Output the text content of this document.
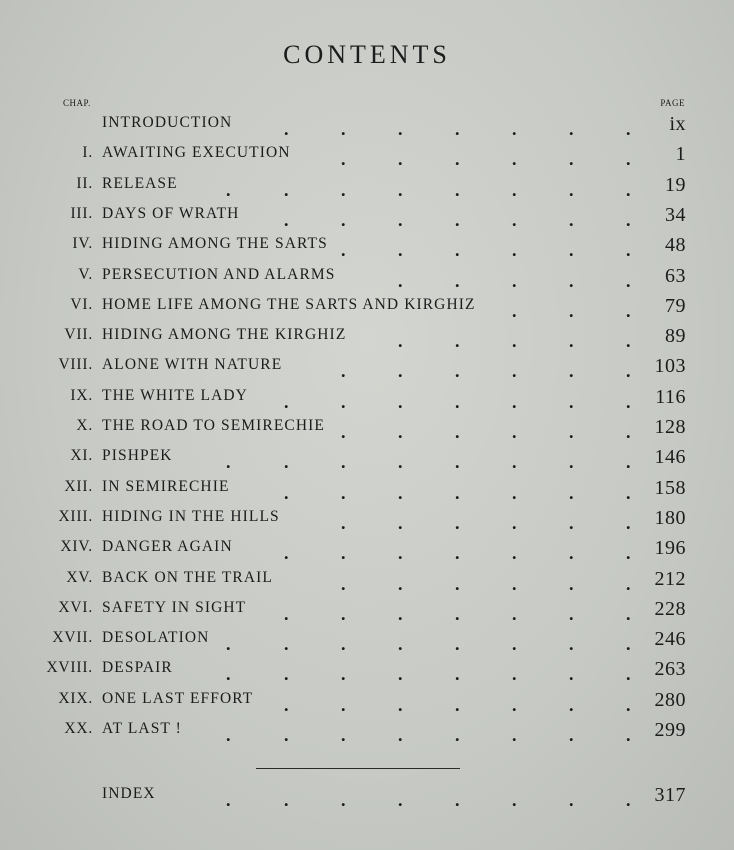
CONTENTS
CHAP.	PAGE
INTRODUCTION	.	.	.	.	.	.	. ix
I. AWAITING EXECUTION	.	.	.	.	.	. 1
II. RELEASE	.	.	.	.	.	.	.	. 19
III. DAYS OF WRATH .	.	.	.	.	.	. 34
IV. HIDING AMONG THE SARTS .	.	.	.	.	. 48
V. PERSECUTION AND ALARMS	.	.	.	.	. 63
VI. HOME LIFE AMONG THE SARTS AND KIRGHIZ .	.	. 79
VII. HIDING AMONG THE KIRGHIZ	.	.	.	.	. 89
VIII. ALONE WITH NATURE	.	.	.	.	.	. 103
IX. THE WHITE LADY .	.	.	.	.	.	. 116
X. THE ROAD TO SEMIRECHIE .	.	.	.	.	. 128
XI. PISHPEK	.	.	.	.	.	.	.	. 146
XII. IN SEMIRECHIE	.	.	.	.	.	.	. 158
XIII. HIDING IN THE HILLS	.	.	.	.	.	. 180
XIV. DANGER AGAIN	.	.	.	.	.	.	. 196
XV. BACK ON THE TRAIL	.	.	.	.	.	. 212
XVI. SAFETY IN SIGHT .	.	.	.	.	.	. 228
XVII. DESOLATION .	.	.	.	.	.	.	. 246
XVIII. DESPAIR	.	.	.	.	.	.	.	. 263
XIX. ONE LAST EFFORT .	.	.	.	.	.	. 280
XX. AT LAST ! .	.	.	.	.	.	.	. 299
INDEX	.	.	.	.	.	.	.	. 317
